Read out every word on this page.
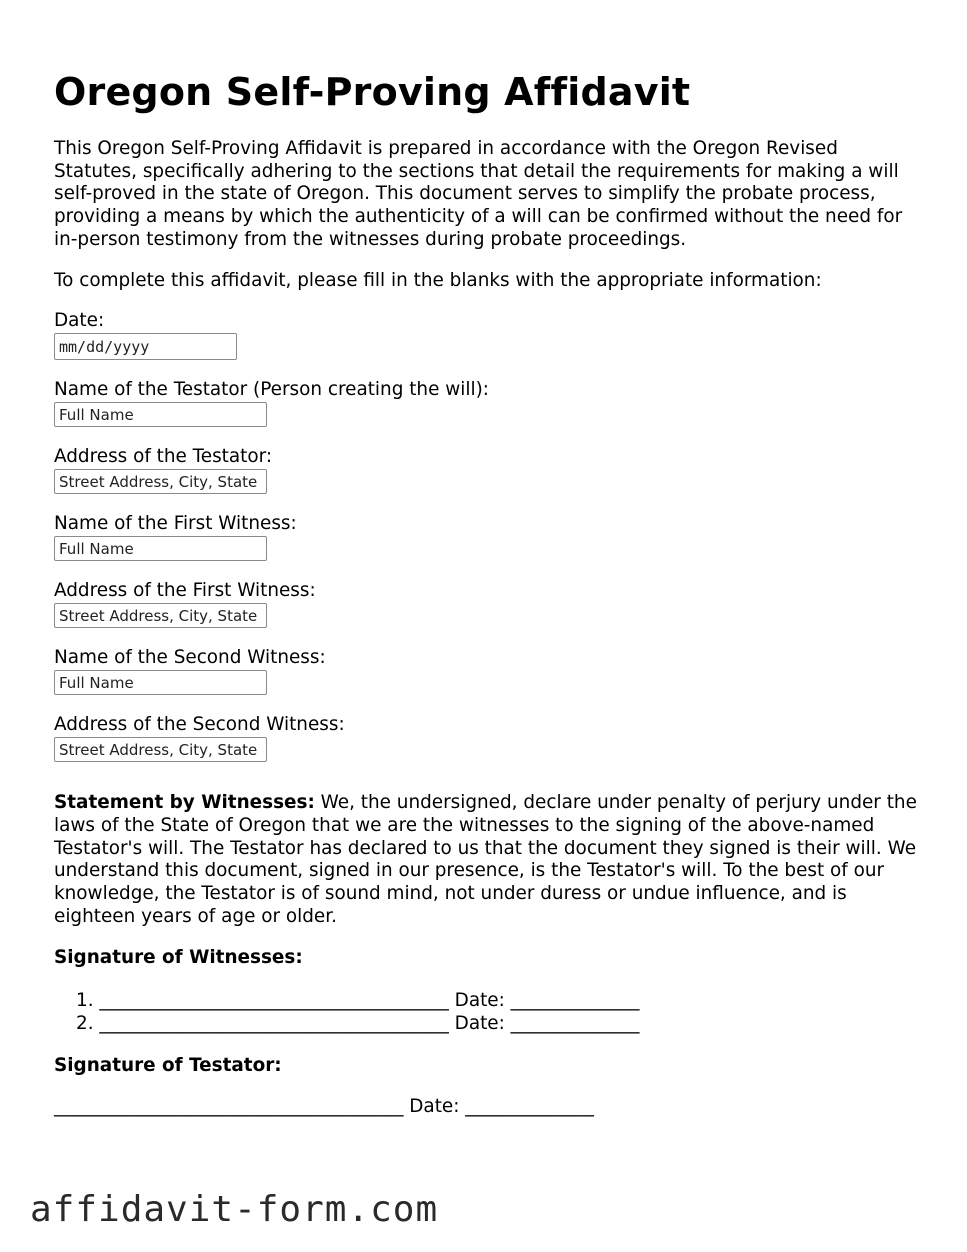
Oregon Self-Proving Affidavit

This Oregon Self-Proving Affidavit is prepared in accordance with the Oregon Revised Statutes, specifically adhering to the sections that detail the requirements for making a will self-proved in the state of Oregon. This document serves to simplify the probate process, providing a means by which the authenticity of a will can be confirmed without the need for in-person testimony from the witnesses during probate proceedings.

To complete this affidavit, please fill in the blanks with the appropriate information:

Date:
mm/dd/yyyy
Name of the Testator (Person creating the will):
Full Name
Address of the Testator:
Street Address, City, State
Name of the First Witness:
Full Name
Address of the First Witness:
Street Address, City, State
Name of the Second Witness:
Full Name
Address of the Second Witness:
Street Address, City, State

Statement by Witnesses: We, the undersigned, declare under penalty of perjury under the laws of the State of Oregon that we are the witnesses to the signing of the above-named Testator's will. The Testator has declared to us that the document they signed is their will. We understand this document, signed in our presence, is the Testator's will. To the best of our knowledge, the Testator is of sound mind, not under duress or undue influence, and is eighteen years of age or older.

Signature of Witnesses:

1. ______________________________________ Date: ______________
2. ______________________________________ Date: ______________

Signature of Testator:

______________________________________ Date: ______________

affidavit-form.com
